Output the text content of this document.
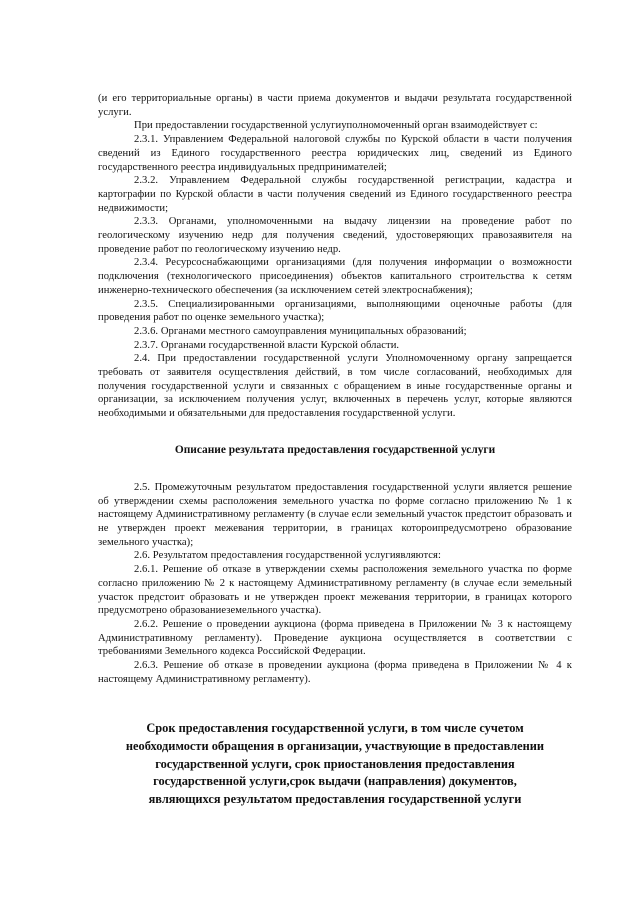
(и его территориальные органы) в части приема документов и выдачи результата государственной услуги.

При предоставлении государственной услугиуполномоченный орган взаимодействует с:

2.3.1. Управлением Федеральной налоговой службы по Курской области в части получения сведений из Единого государственного реестра юридических лиц, сведений из Единого государственного реестра индивидуальных предпринимателей;

2.3.2. Управлением Федеральной службы государственной регистрации, кадастра и картографии по Курской области в части получения сведений из Единого государственного реестра недвижимости;

2.3.3. Органами, уполномоченными на выдачу лицензии на проведение работ по геологическому изучению недр для получения сведений, удостоверяющих правозаявителя на проведение работ по геологическому изучению недр.

2.3.4. Ресурсоснабжающими организациями (для получения информации о возможности подключения (технологического присоединения) объектов капитального строительства к сетям инженерно-технического обеспечения (за исключением сетей электроснабжения);

2.3.5. Специализированными организациями, выполняющими оценочные работы (для проведения работ по оценке земельного участка);

2.3.6. Органами местного самоуправления муниципальных образований;

2.3.7. Органами государственной власти Курской области.

2.4. При предоставлении государственной услуги Уполномоченному органу запрещается требовать от заявителя осуществления действий, в том числе согласований, необходимых для получения государственной услуги и связанных с обращением в иные государственные органы и организации, за исключением получения услуг, включенных в перечень услуг, которые являются необходимыми и обязательными для предоставления государственной услуги.

Описание результата предоставления государственной услуги

2.5. Промежуточным результатом предоставления государственной услуги является решение об утверждении схемы расположения земельного участка по форме согласно приложению № 1 к настоящему Административному регламенту (в случае если земельный участок предстоит образовать и не утвержден проект межевания территории, в границах котороипредусмотрено образование земельного участка);

2.6. Результатом предоставления государственной услугиявляются:

2.6.1. Решение об отказе в утверждении схемы расположения земельного участка по форме согласно приложению № 2 к настоящему Административному регламенту (в случае если земельный участок предстоит образовать и не утвержден проект межевания территории, в границах которого предусмотрено образованиеземельного участка).

2.6.2. Решение о проведении аукциона (форма приведена в Приложении № 3 к настоящему Административному регламенту). Проведение аукциона осуществляется в соответствии с требованиями Земельного кодекса Российской Федерации.

2.6.3. Решение об отказе в проведении аукциона (форма приведена в Приложении № 4 к настоящему Административному регламенту).

Срок предоставления государственной услуги, в том числе сучетом
необходимости обращения в организации, участвующие в предоставлении
государственной услуги, срок приостановления предоставления
государственной услуги,срок выдачи (направления) документов,
являющихся результатом предоставления государственной услуги
